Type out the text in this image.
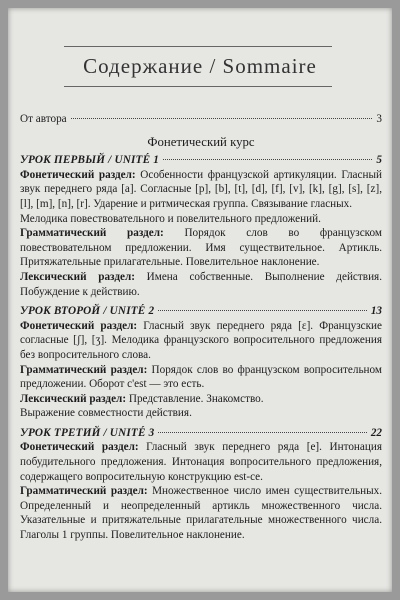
Содержание / Sommaire
От автора	3
Фонетический курс
УРОК ПЕРВЫЙ / UNITÉ 1	5

Фонетический раздел: Особенности французской артикуляции. Гласный звук переднего ряда [a]. Согласные [p], [b], [t], [d], [f], [v], [k], [g], [s], [z], [l], [m], [n], [r]. Ударение и ритмическая группа. Связывание гласных.

Мелодика повествовательного и повелительного предложений.

Грамматический раздел: Порядок слов во французском повествовательном предложении. Имя существительное. Артикль. Притяжательные прилагательные. Повелительное наклонение.

Лексический раздел: Имена собственные. Выполнение действия. Побуждение к действию.

УРОК ВТОРОЙ / UNITÉ 2	13

Фонетический раздел: Гласный звук переднего ряда [ɛ]. Французские согласные [ʃ], [ʒ]. Мелодика французского вопросительного предложения без вопросительного слова.

Грамматический раздел: Порядок слов во французском вопросительном предложении. Оборот c'est — это есть.

Лексический раздел: Представление. Знакомство.

Выражение совместности действия.

УРОК ТРЕТИЙ / UNITÉ 3	22

Фонетический раздел: Гласный звук переднего ряда [e]. Интонация побудительного предложения. Интонация вопросительного предложения, содержащего вопросительную конструкцию est-ce.

Грамматический раздел: Множественное число имен существительных. Определенный и неопределенный артикль множественного числа. Указательные и притяжательные прилагательные множественного числа. Глаголы 1 группы. Повелительное наклонение.
